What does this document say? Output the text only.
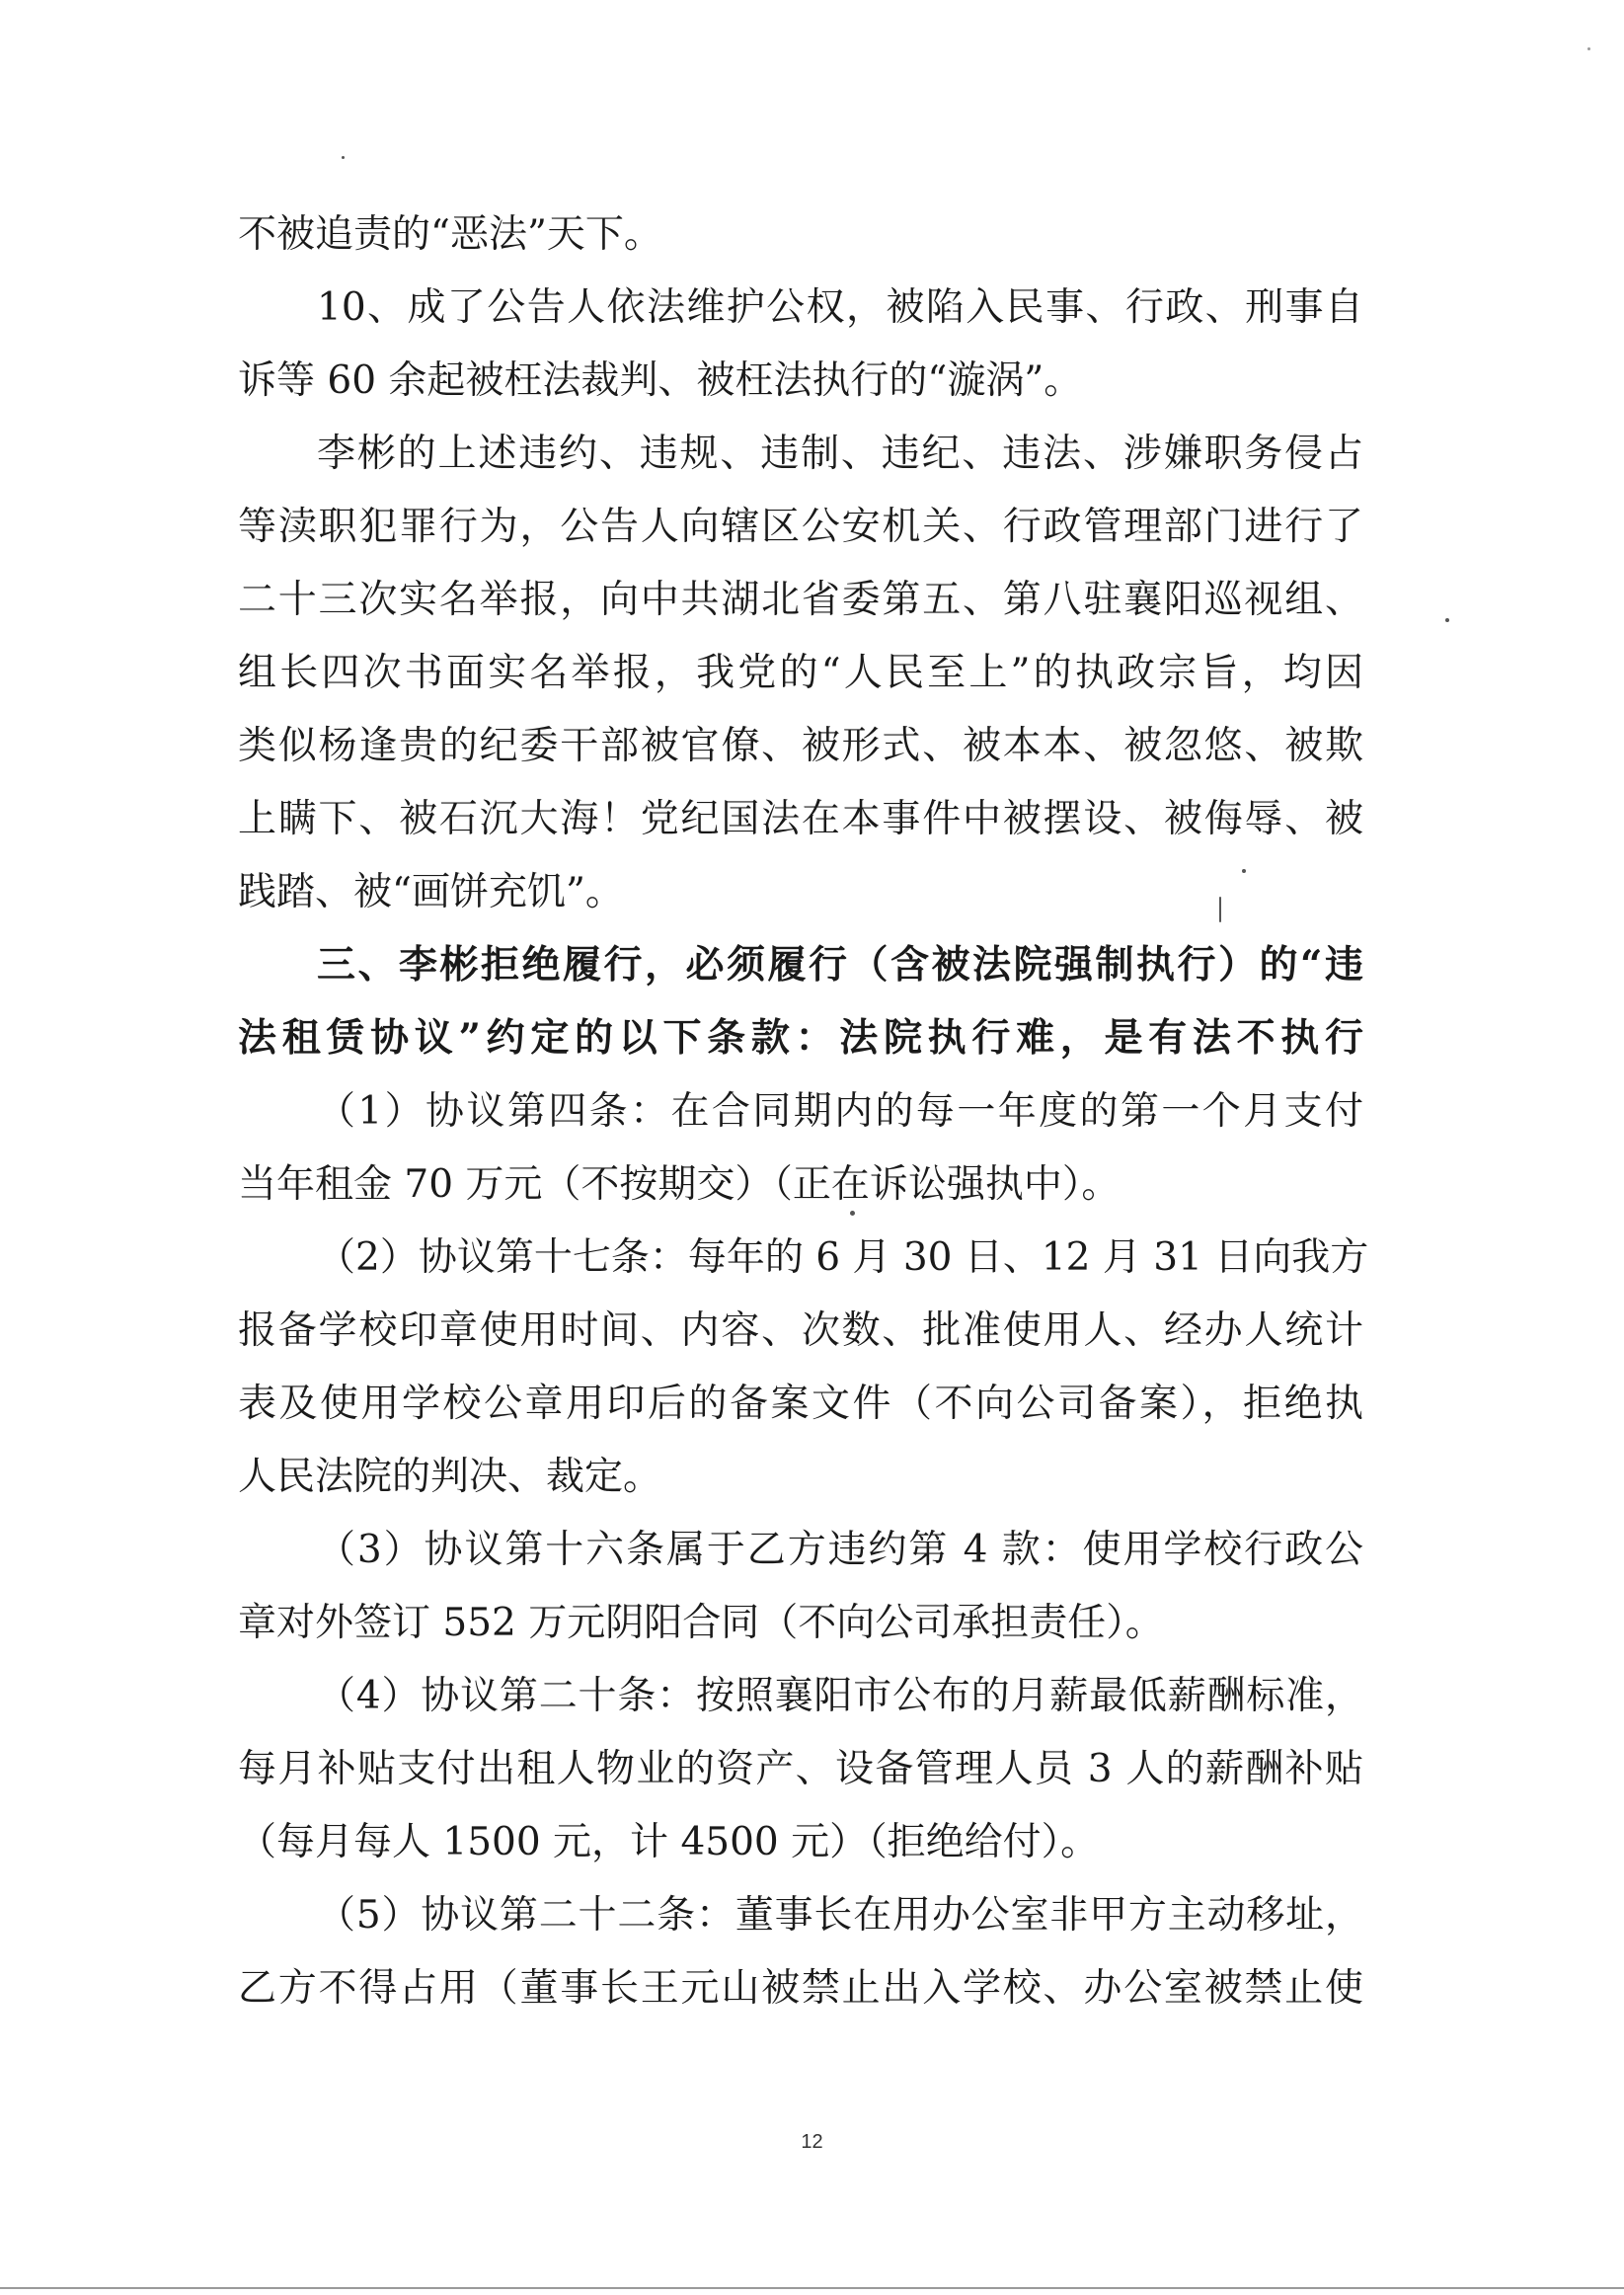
不被追责的“恶法”天下。
10、成了公告人依法维护公权，被陷入民事、行政、刑事自
诉等 60 余起被枉法裁判、被枉法执行的“漩涡”。
李彬的上述违约、违规、违制、违纪、违法、涉嫌职务侵占
等渎职犯罪行为，公告人向辖区公安机关、行政管理部门进行了
二十三次实名举报，向中共湖北省委第五、第八驻襄阳巡视组、
组长四次书面实名举报，我党的“人民至上”的执政宗旨，均因
类似杨逢贵的纪委干部被官僚、被形式、被本本、被忽悠、被欺
上瞒下、被石沉大海！党纪国法在本事件中被摆设、被侮辱、被
践踏、被“画饼充饥”。
三、李彬拒绝履行，必须履行（含被法院强制执行）的“违
法租赁协议”约定的以下条款：法院执行难，是有法不执行
（1）协议第四条：在合同期内的每一年度的第一个月支付
当年租金 70 万元（不按期交）（正在诉讼强执中）。
（2）协议第十七条：每年的 6 月 30 日、12 月 31 日向我方
报备学校印章使用时间、内容、次数、批准使用人、经办人统计
表及使用学校公章用印后的备案文件（不向公司备案），拒绝执
人民法院的判决、裁定。
（3）协议第十六条属于乙方违约第 4 款：使用学校行政公
章对外签订 552 万元阴阳合同（不向公司承担责任）。
（4）协议第二十条：按照襄阳市公布的月薪最低薪酬标准，
每月补贴支付出租人物业的资产、设备管理人员 3 人的薪酬补贴
（每月每人 1500 元，计 4500 元）（拒绝给付）。
（5）协议第二十二条：董事长在用办公室非甲方主动移址，
乙方不得占用（董事长王元山被禁止出入学校、办公室被禁止使
12
